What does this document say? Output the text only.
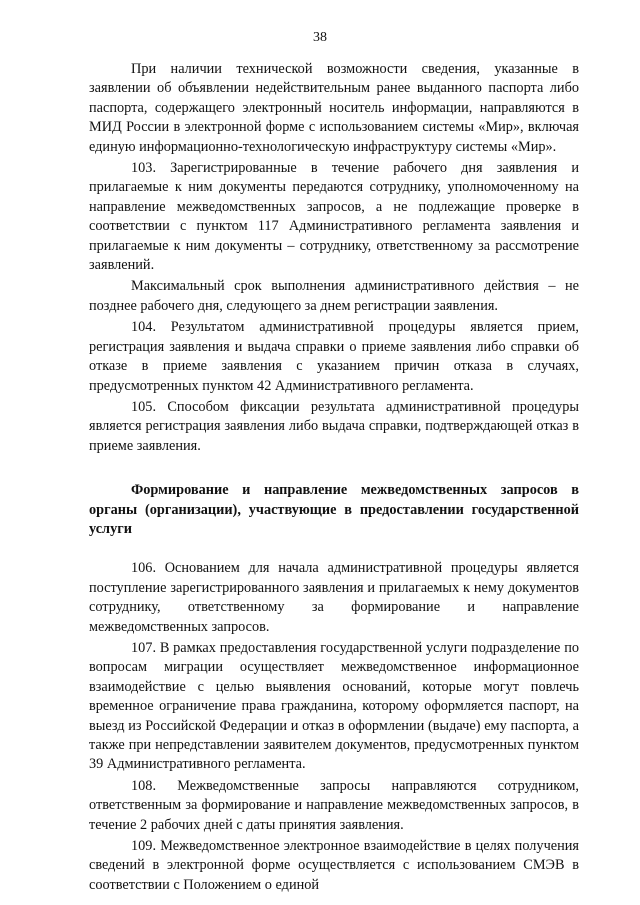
38

При наличии технической возможности сведения, указанные в заявлении об объявлении недействительным ранее выданного паспорта либо паспорта, содержащего электронный носитель информации, направляются в МИД России в электронной форме с использованием системы «Мир», включая единую информационно-технологическую инфраструктуру системы «Мир».

103. Зарегистрированные в течение рабочего дня заявления и прилагаемые к ним документы передаются сотруднику, уполномоченному на направление межведомственных запросов, а не подлежащие проверке в соответствии с пунктом 117 Административного регламента заявления и прилагаемые к ним документы – сотруднику, ответственному за рассмотрение заявлений.

Максимальный срок выполнения административного действия – не позднее рабочего дня, следующего за днем регистрации заявления.

104. Результатом административной процедуры является прием, регистрация заявления и выдача справки о приеме заявления либо справки об отказе в приеме заявления с указанием причин отказа в случаях, предусмотренных пунктом 42 Административного регламента.

105. Способом фиксации результата административной процедуры является регистрация заявления либо выдача справки, подтверждающей отказ в приеме заявления.

Формирование и направление межведомственных запросов в органы (организации), участвующие в предоставлении государственной услуги

106. Основанием для начала административной процедуры является поступление зарегистрированного заявления и прилагаемых к нему документов сотруднику, ответственному за формирование и направление межведомственных запросов.

107. В рамках предоставления государственной услуги подразделение по вопросам миграции осуществляет межведомственное информационное взаимодействие с целью выявления оснований, которые могут повлечь временное ограничение права гражданина, которому оформляется паспорт, на выезд из Российской Федерации и отказ в оформлении (выдаче) ему паспорта, а также при непредставлении заявителем документов, предусмотренных пунктом 39 Административного регламента.

108. Межведомственные запросы направляются сотрудником, ответственным за формирование и направление межведомственных запросов, в течение 2 рабочих дней с даты принятия заявления.

109. Межведомственное электронное взаимодействие в целях получения сведений в электронной форме осуществляется с использованием СМЭВ в соответствии с Положением о единой
